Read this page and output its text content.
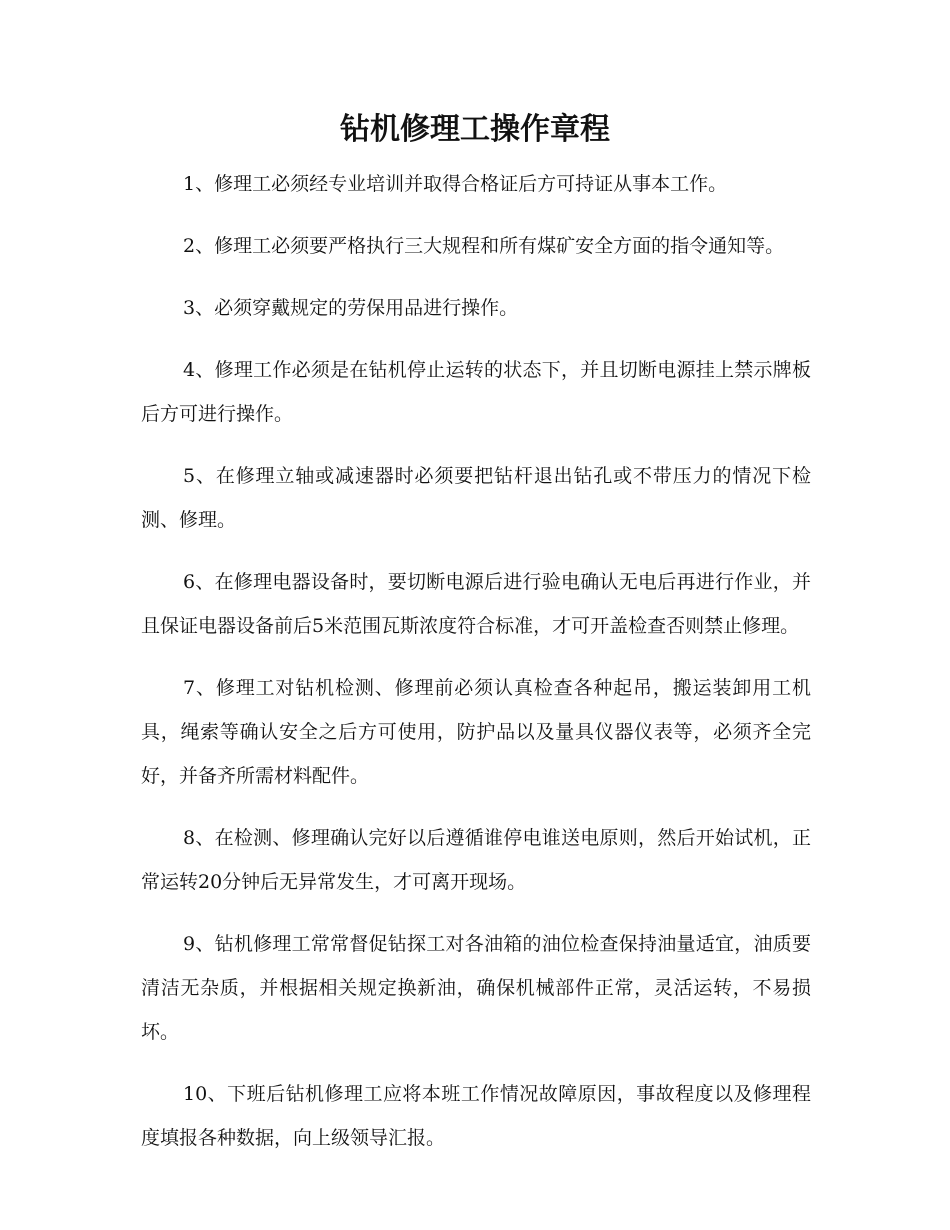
钻机修理工操作章程

1、修理工必须经专业培训并取得合格证后方可持证从事本工作。

2、修理工必须要严格执行三大规程和所有煤矿安全方面的指令通知等。

3、必须穿戴规定的劳保用品进行操作。

4、修理工作必须是在钻机停止运转的状态下，并且切断电源挂上禁示牌板后方可进行操作。

5、在修理立轴或减速器时必须要把钻杆退出钻孔或不带压力的情况下检测、修理。

6、在修理电器设备时，要切断电源后进行验电确认无电后再进行作业，并且保证电器设备前后5米范围瓦斯浓度符合标准，才可开盖检查否则禁止修理。

7、修理工对钻机检测、修理前必须认真检查各种起吊，搬运装卸用工机具，绳索等确认安全之后方可使用，防护品以及量具仪器仪表等，必须齐全完好，并备齐所需材料配件。

8、在检测、修理确认完好以后遵循谁停电谁送电原则，然后开始试机，正常运转20分钟后无异常发生，才可离开现场。

9、钻机修理工常常督促钻探工对各油箱的油位检查保持油量适宜，油质要清洁无杂质，并根据相关规定换新油，确保机械部件正常，灵活运转，不易损坏。

10、下班后钻机修理工应将本班工作情况故障原因，事故程度以及修理程度填报各种数据，向上级领导汇报。
